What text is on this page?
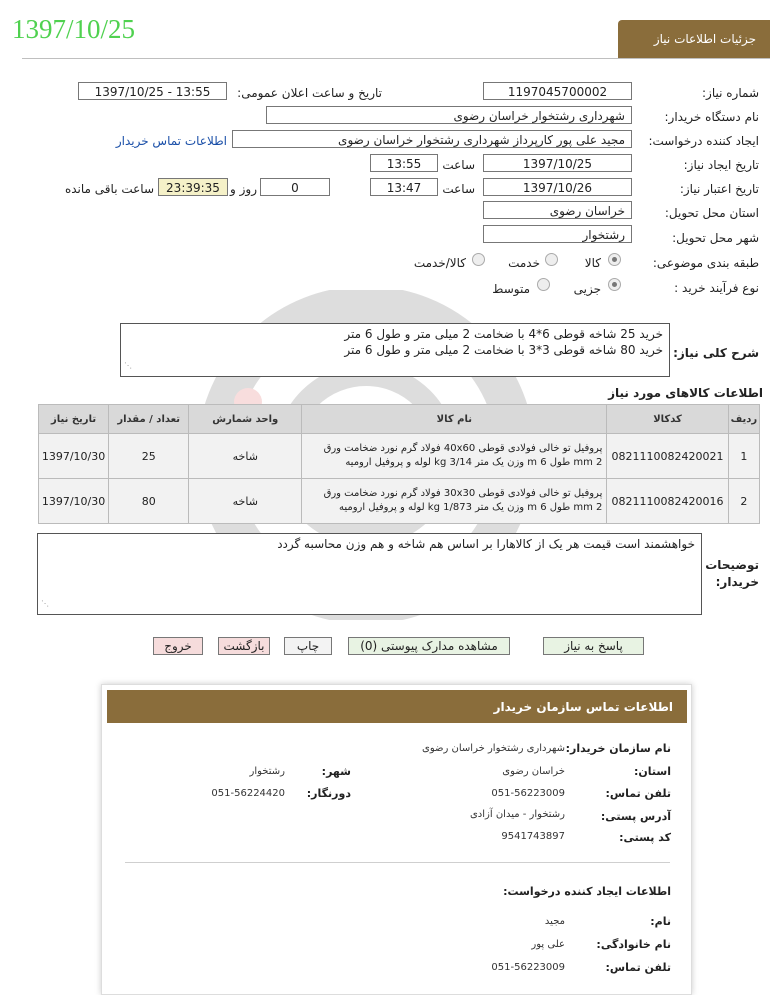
1397/10/25	جزئیات اطلاعات نیاز
شماره نیاز:
1197045700002
تاریخ و ساعت اعلان عمومی:
1397/10/25 - 13:55
نام دستگاه خریدار:
شهرداری رشتخوار خراسان رضوی
ایجاد کننده درخواست:
مجید علی پور کارپرداز شهرداری رشتخوار خراسان رضوی
اطلاعات تماس خریدار
تاریخ ایجاد نیاز:
1397/10/25
ساعت
13:55
تاریخ اعتبار نیاز:
1397/10/26
ساعت
13:47
0
روز و
23:39:35
ساعت باقی مانده
استان محل تحویل:
خراسان رضوی
شهر محل تحویل:
رشتخوار
طبقه بندی موضوعی:
کالا
خدمت
کالا/خدمت
نوع فرآیند خرید :
جزیی
متوسط
شرح کلی نیاز:
خرید 25 شاخه قوطی 6*4 با ضخامت 2 میلی متر و طول 6 متر
خرید 80 شاخه قوطی 3*3 با ضخامت 2 میلی متر و طول 6 متر
⋰
اطلاعات کالاهای مورد نیاز
تاریخ نیاز	تعداد / مقدار	واحد شمارش	نام کالا	کدکالا	ردیف
1397/10/30	25	شاخه	پروفیل تو خالی فولادی قوطی 40x60 فولاد گرم نورد ضخامت ورق mm 2 طول m 6 وزن یک متر kg 3/14 لوله و پروفیل ارومیه	0821110082420021	1
1397/10/30	80	شاخه	پروفیل تو خالی فولادی قوطی 30x30 فولاد گرم نورد ضخامت ورق mm 2 طول m 6 وزن یک متر kg 1/873 لوله و پروفیل ارومیه	0821110082420016	2
توضیحات
خریدار:
خواهشمند است قیمت هر یک از کالاهارا بر اساس هم شاخه و هم وزن محاسبه گردد
⋰
پاسخ به نیاز
مشاهده مدارک پیوستی (0)
چاپ
بازگشت
خروج
اطلاعات تماس سازمان خریدار
نام سازمان خریدار:
شهرداری رشتخوار خراسان رضوی
استان:
خراسان رضوی
شهر:
رشتخوار
تلفن تماس:
051-56223009
دورنگار:
051-56224420
آدرس پستی:
رشتخوار - میدان آزادی
کد پستی:
9541743897
اطلاعات ایجاد کننده درخواست:
نام:
مجید
نام خانوادگی:
علی پور
تلفن تماس:
051-56223009
